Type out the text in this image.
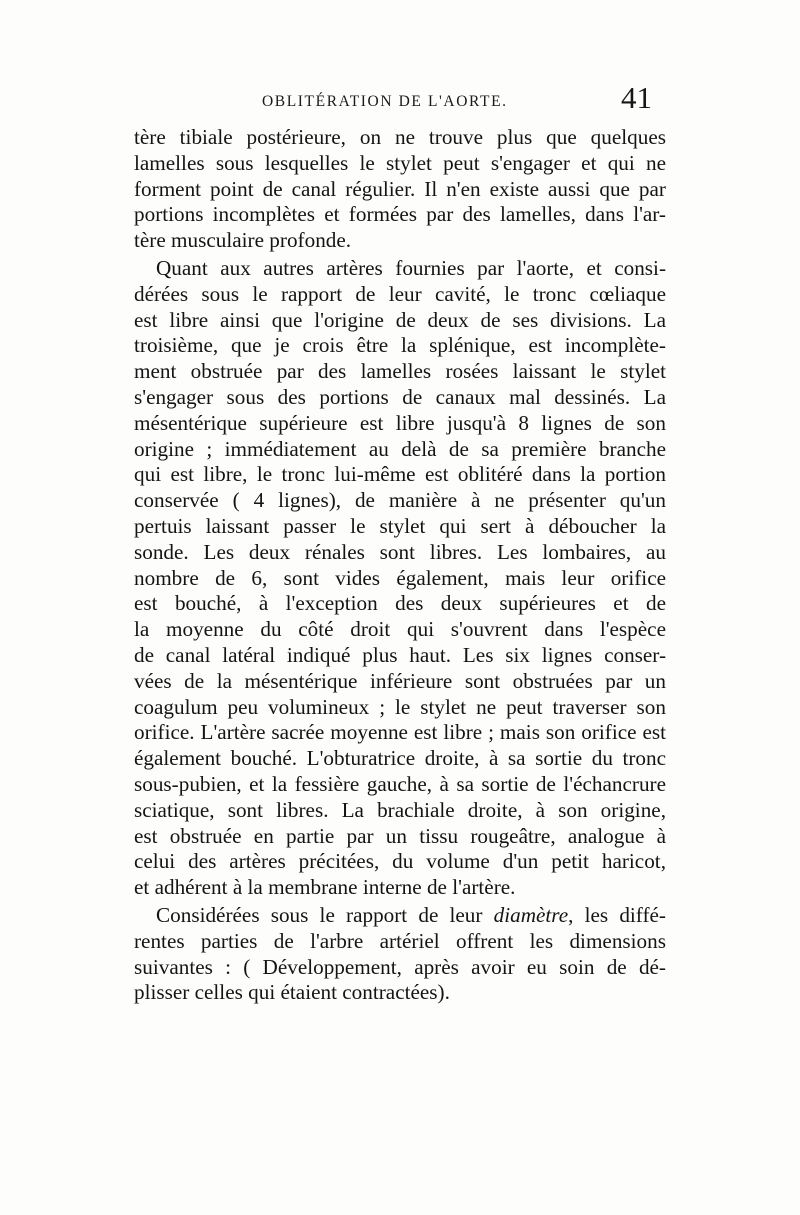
OBLITÉRATION DE L'AORTE.	41
tère tibiale postérieure, on ne trouve plus que quelques
lamelles sous lesquelles le stylet peut s'engager et qui ne
forment point de canal régulier. Il n'en existe aussi que par
portions incomplètes et formées par des lamelles, dans l'ar-
tère musculaire profonde.
Quant aux autres artères fournies par l'aorte, et consi-
dérées sous le rapport de leur cavité, le tronc cœliaque
est libre ainsi que l'origine de deux de ses divisions. La
troisième, que je crois être la splénique, est incomplète-
ment obstruée par des lamelles rosées laissant le stylet
s'engager sous des portions de canaux mal dessinés. La
mésentérique supérieure est libre jusqu'à 8 lignes de son
origine ; immédiatement au delà de sa première branche
qui est libre, le tronc lui-même est oblitéré dans la portion
conservée ( 4 lignes), de manière à ne présenter qu'un
pertuis laissant passer le stylet qui sert à déboucher la
sonde. Les deux rénales sont libres. Les lombaires, au
nombre de 6, sont vides également, mais leur orifice
est bouché, à l'exception des deux supérieures et de
la moyenne du côté droit qui s'ouvrent dans l'espèce
de canal latéral indiqué plus haut. Les six lignes conser-
vées de la mésentérique inférieure sont obstruées par un
coagulum peu volumineux ; le stylet ne peut traverser son
orifice. L'artère sacrée moyenne est libre ; mais son orifice est
également bouché. L'obturatrice droite, à sa sortie du tronc
sous-pubien, et la fessière gauche, à sa sortie de l'échancrure
sciatique, sont libres. La brachiale droite, à son origine,
est obstruée en partie par un tissu rougeâtre, analogue à
celui des artères précitées, du volume d'un petit haricot,
et adhérent à la membrane interne de l'artère.
Considérées sous le rapport de leur diamètre, les diffé-
rentes parties de l'arbre artériel offrent les dimensions
suivantes : ( Développement, après avoir eu soin de dé-
plisser celles qui étaient contractées).
